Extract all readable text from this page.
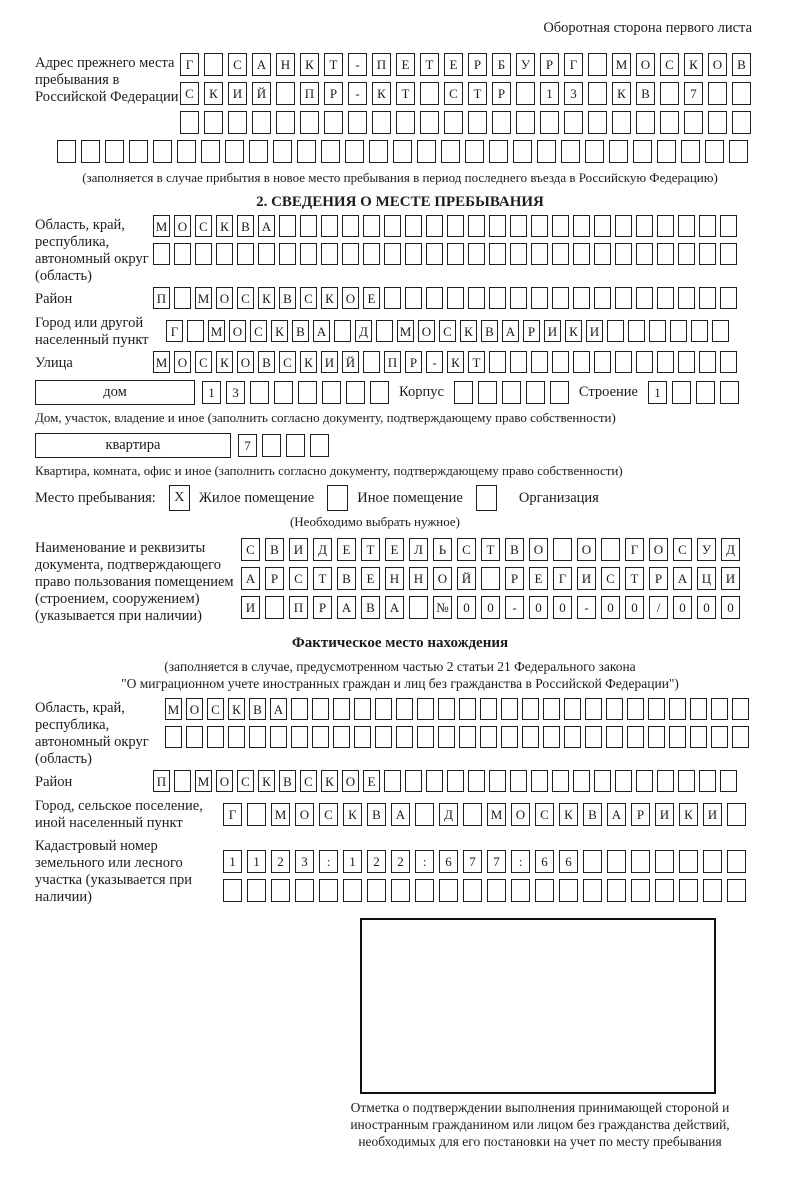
Оборотная сторона первого листа
Адрес прежнего места пребывания в Российской Федерации
Г	С	А	Н	К	Т	-	П	Е	Т	Е	Р	Б	У	Р	Г	М	О	С	К	О	В
С	К	И	Й	П	Р	-	К	Т	С	Т	Р	1	3	К	В	7
(заполняется в случае прибытия в новое место пребывания в период последнего въезда в Российскую Федерацию)
2. СВЕДЕНИЯ О МЕСТЕ ПРЕБЫВАНИЯ
Область, край, республика, автономный округ (область)
М О С К В А
Район	П М О С К В С К О Е
Город или другой населенный пункт
Г	М О С К В А	Д	М О С К В А Р И К И
Улица	М О С К О В С К И Й	П Р	-	К Т
дом	1	3	Корпус	Строение	1
Дом, участок, владение и иное (заполнить согласно документу, подтверждающему право собственности)
квартира	7
Квартира, комната, офис и иное (заполнить согласно документу, подтверждающему право собственности)
Место пребывания:	X Жилое помещение	Иное помещение	Организация
(Необходимо выбрать нужное)
Наименование и реквизиты документа, подтверждающего право пользования помещением (строением, сооружением) (указывается при наличии)
С	В	И	Д	Е	Т	Е	Л	Ь	С	Т	В	О	О	Г	О	С	У	Д
А	Р	С	Т	В	Е	Н	Н	О	Й	Р	Е	Г	И	С	Т	Р	А	Ц	И
И	П	Р	А	В	А	№	0	0	-	0	0	-	0	0	/	0	0	0
Фактическое место нахождения
(заполняется в случае, предусмотренном частью 2 статьи 21 Федерального закона
"О миграционном учете иностранных граждан и лиц без гражданства в Российской Федерации")
Область, край, республика, автономный округ (область)
М О С К В А
Район	П М О С К В С К О Е
Город, сельское поселение, иной населенный пункт
Г	М	О	С	К	В	А	Д	М	О	С	К	В	А	Р	И	К	И
Кадастровый номер земельного или лесного участка (указывается при наличии)
1	1	2	3	:	1	2	2	:	6	7	7	:	6	6
Отметка о подтверждении выполнения принимающей стороной и иностранным гражданином или лицом без гражданства действий, необходимых для его постановки на учет по месту пребывания
